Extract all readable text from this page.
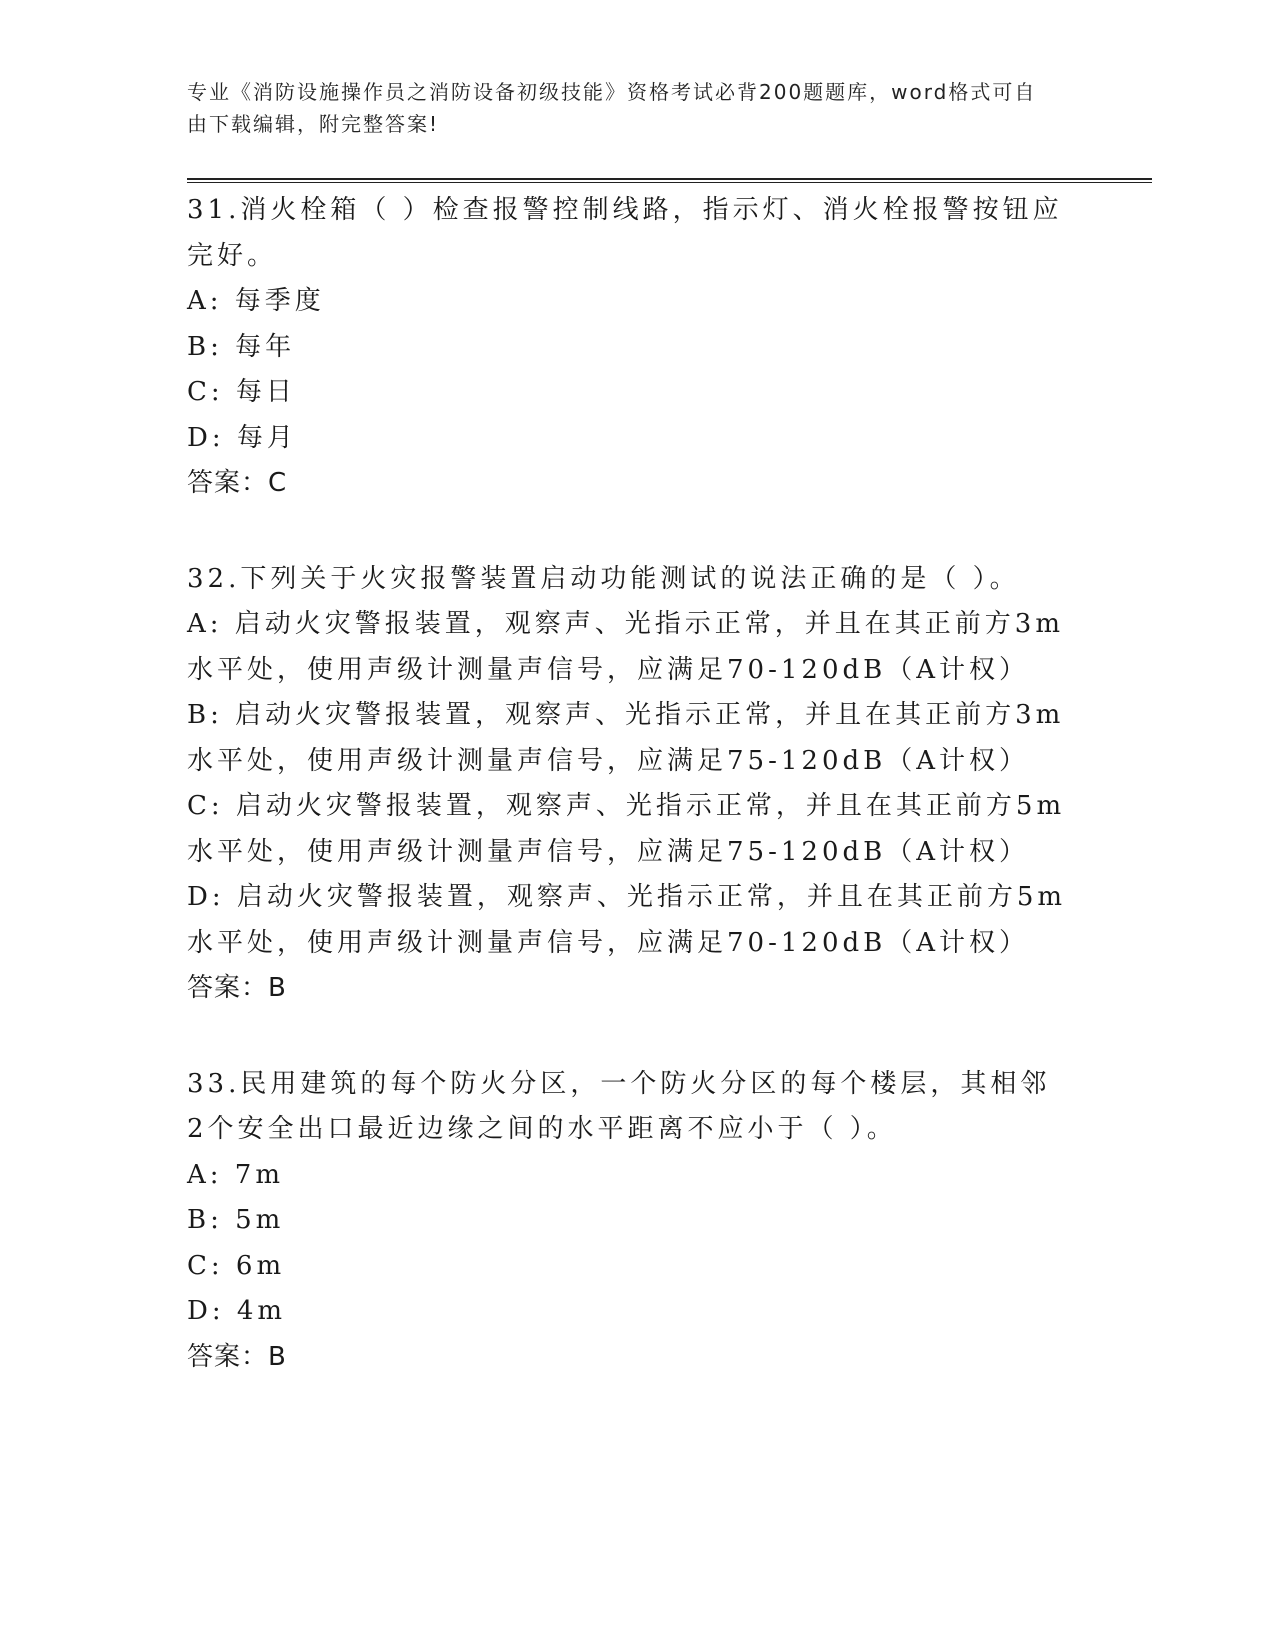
专业《消防设施操作员之消防设备初级技能》资格考试必背200题题库，word格式可自由下载编辑，附完整答案!

31.消火栓箱（ ）检查报警控制线路，指示灯、消火栓报警按钮应完好。

A: 每季度

B: 每年

C: 每日

D: 每月

答案：C

32.下列关于火灾报警装置启动功能测试的说法正确的是（ ）。

A: 启动火灾警报装置，观察声、光指示正常，并且在其正前方3m水平处，使用声级计测量声信号，应满足70-120dB（A计权）

B: 启动火灾警报装置，观察声、光指示正常，并且在其正前方3m水平处，使用声级计测量声信号，应满足75-120dB（A计权）

C: 启动火灾警报装置，观察声、光指示正常，并且在其正前方5m水平处，使用声级计测量声信号，应满足75-120dB（A计权）

D: 启动火灾警报装置，观察声、光指示正常，并且在其正前方5m水平处，使用声级计测量声信号，应满足70-120dB（A计权）

答案：B

33.民用建筑的每个防火分区，一个防火分区的每个楼层，其相邻2个安全出口最近边缘之间的水平距离不应小于（ ）。

A: 7m

B: 5m

C: 6m

D: 4m

答案：B
